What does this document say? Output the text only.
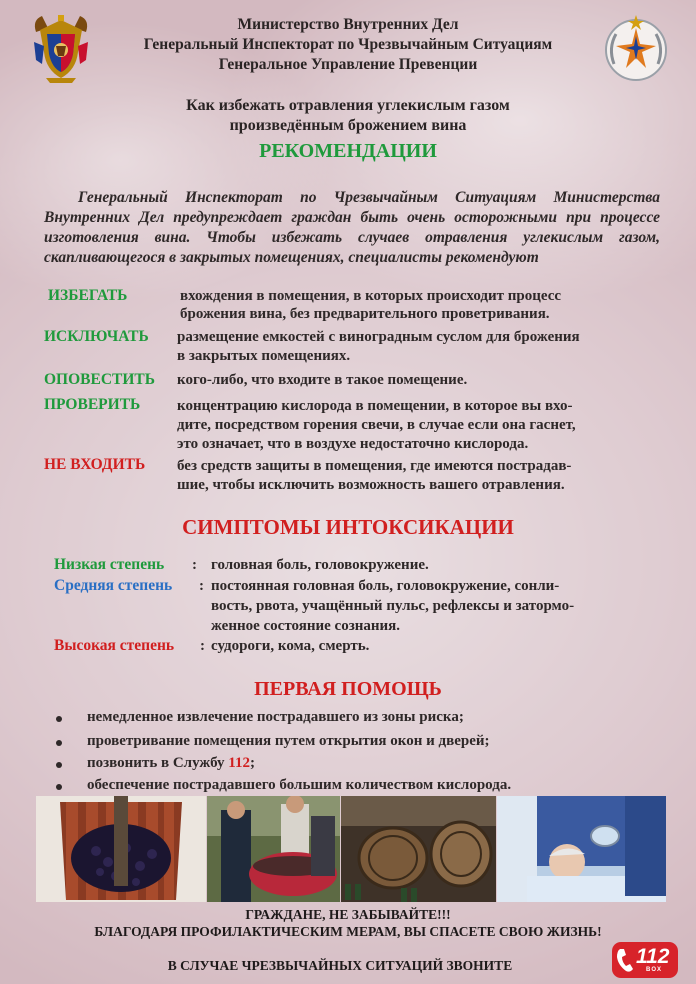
Министерство Внутренних Дел
Генеральный Инспекторат по Чрезвычайным Ситуациям
Генеральное Управление Превенции
Как избежать отравления углекислым газом
произведённым брожением вина
РЕКОМЕНДАЦИИ
Генеральный Инспекторат по Чрезвычайным Ситуациям Министерства Внутренних Дел предупреждает граждан быть очень осторожными при процессе изготовления вина. Чтобы избежать случаев отравления углекислым газом, скапливающегося в закрытых помещениях, специалисты рекомендуют
ИЗБЕГАТЬ	вхождения в помещения, в которых происходит процесс
брожения вина, без предварительного проветривания.
ИСКЛЮЧАТЬ размещение емкостей с виноградным суслом для брожения
в закрытых помещениях.
ОПОВЕСТИТЬ кого-либо, что входите в такое помещение.
ПРОВЕРИТЬ концентрацию кислорода в помещении, в которое вы вхо-
дите, посредством горения свечи, в случае если она гаснет,
это означает, что в воздухе недостаточно кислорода.
НЕ ВХОДИТЬ без средств защиты в помещения, где имеются пострадав-
шие, чтобы исключить возможность вашего отравления.
СИМПТОМЫ ИНТОКСИКАЦИИ
Низкая степень : головная боль, головокружение.
Средняя степень : постоянная головная боль, головокружение, сонли-
вость, рвота, учащённый пульс, рефлексы и затормо-
женное состояние сознания.
Высокая степень : судороги, кома, смерть.
ПЕРВАЯ ПОМОЩЬ
немедленное извлечение пострадавшего из зоны риска;
проветривание помещения путем открытия окон и дверей;
позвонить в Службу 112;
обеспечение пострадавшего большим количеством кислорода.
ГРАЖДАНЕ, НЕ ЗАБЫВАЙТЕ!!!
БЛАГОДАРЯ ПРОФИЛАКТИЧЕСКИМ МЕРАМ, ВЫ СПАСЕТЕ СВОЮ ЖИЗНЬ!
В СЛУЧАЕ ЧРЕЗВЫЧАЙНЫХ СИТУАЦИЙ ЗВОНИТЕ	112
BOX
